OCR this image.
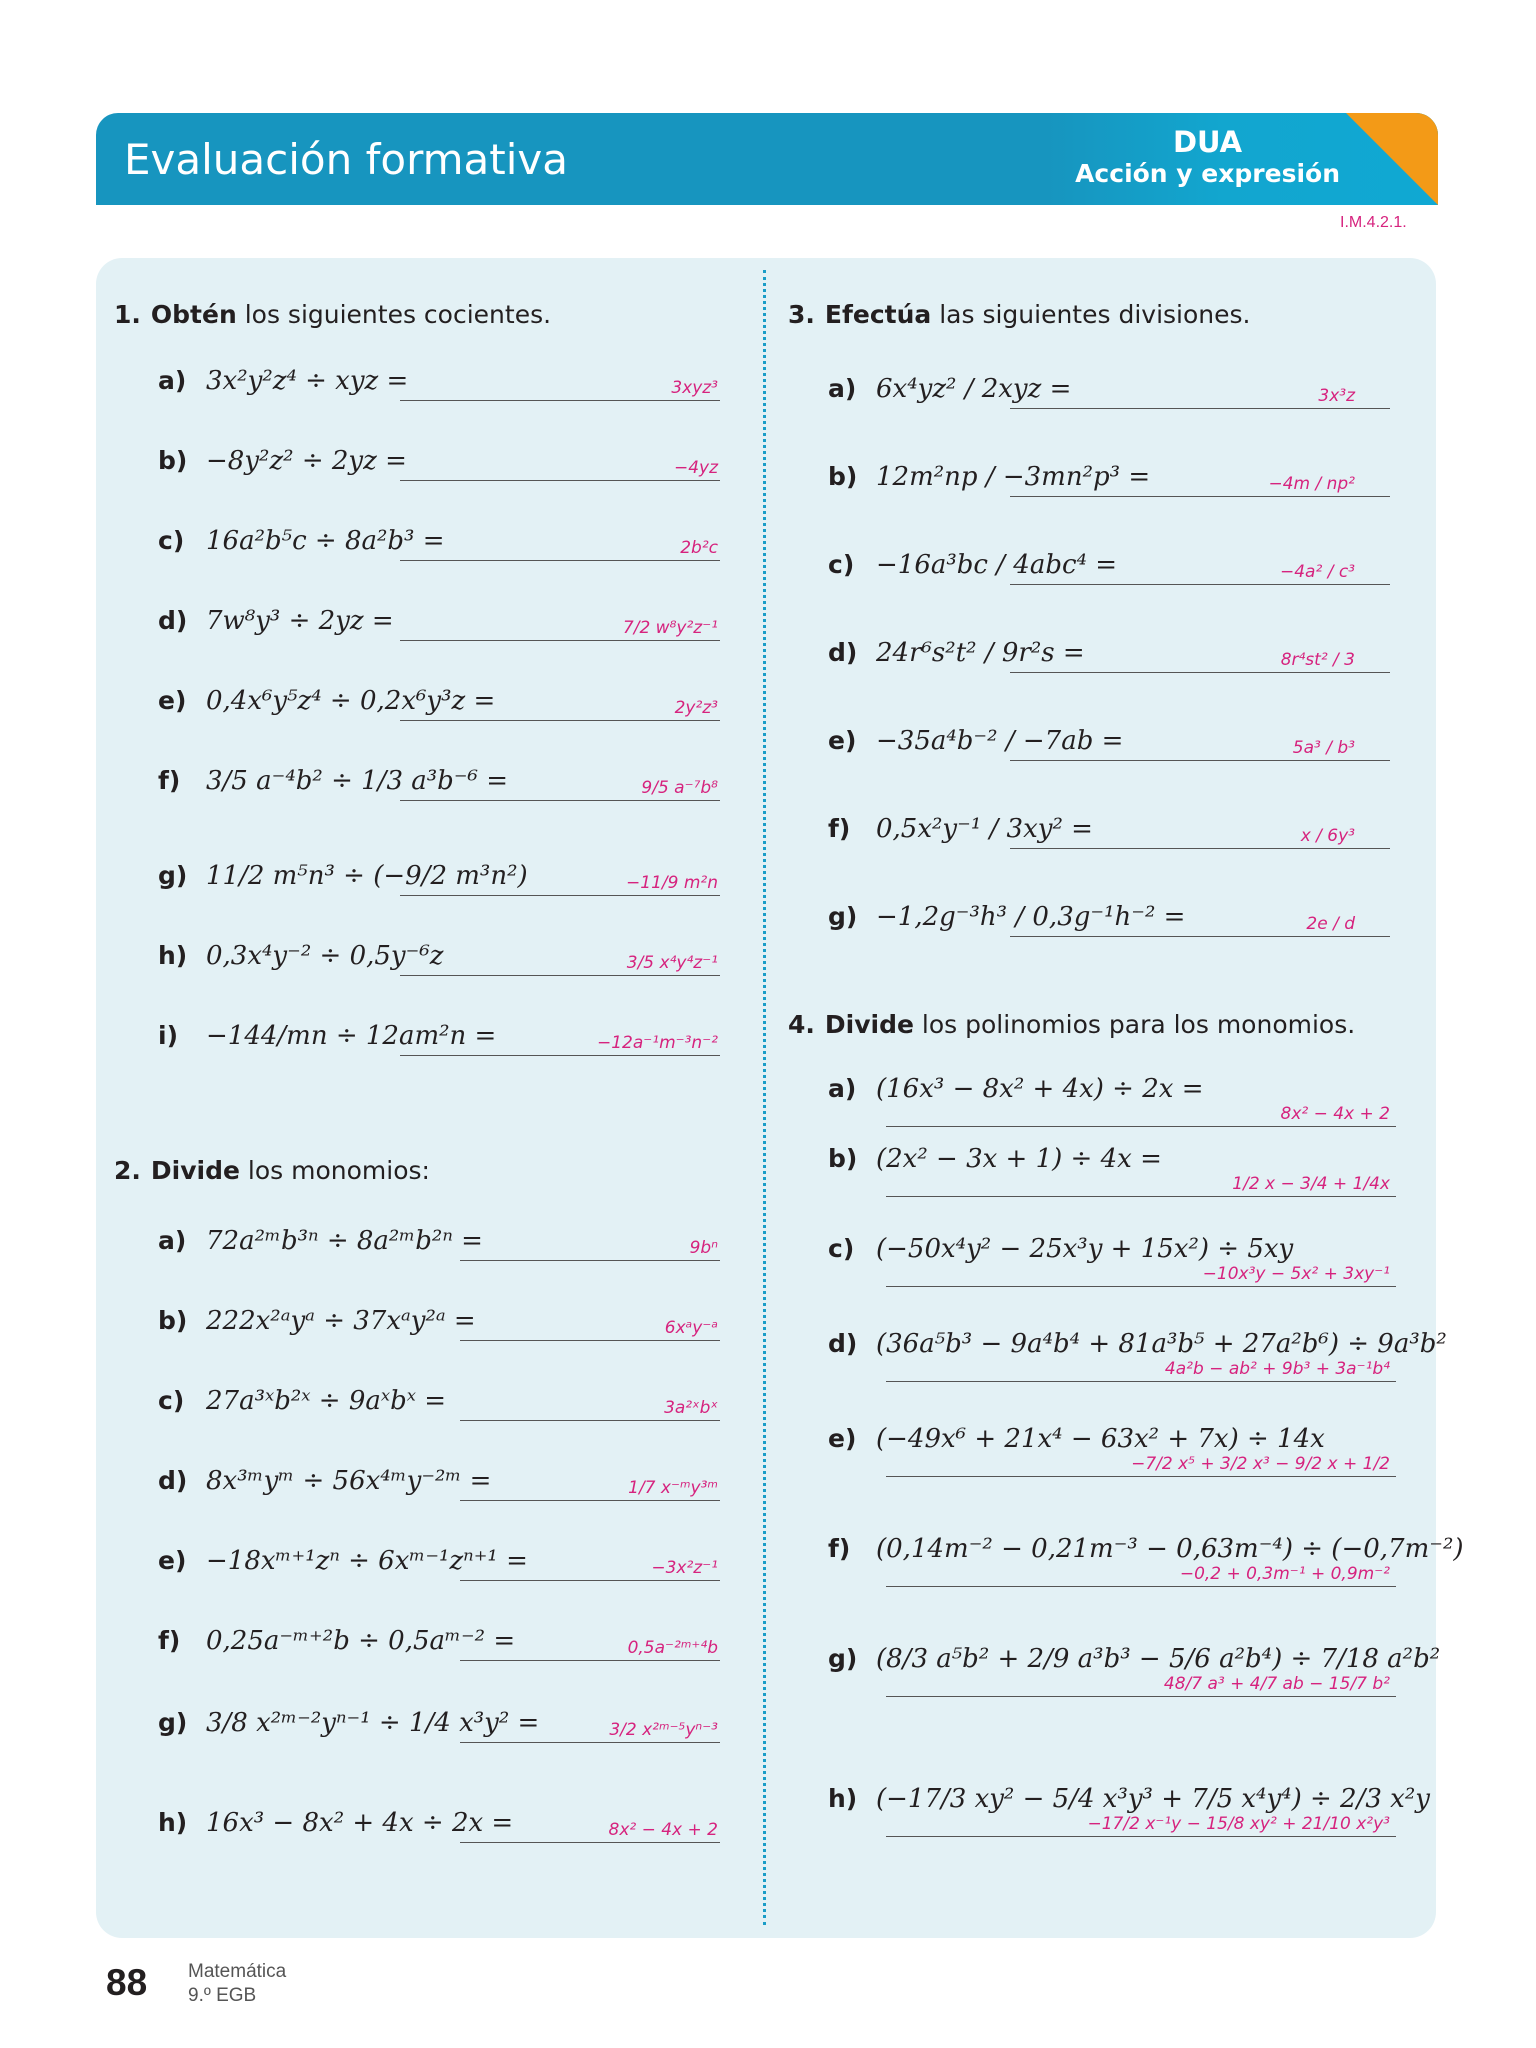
Evaluación formativa	DUA
Acción y expresión
I.M.4.2.1.
1. Obtén los siguientes cocientes.
2. Divide los monomios:
3. Efectúa las siguientes divisiones.
4. Divide los polinomios para los monomios.
a) 3x²y²z⁴ ÷ xyz =	3xyz³
b) −8y²z² ÷ 2yz =	−4yz
c) 16a²b⁵c ÷ 8a²b³ =	2b²c
d) 7w⁸y³ ÷ 2yz =	7/2 w⁸y²z⁻¹
e) 0,4x⁶y⁵z⁴ ÷ 0,2x⁶y³z =	2y²z³
f) 3/5 a⁻⁴b² ÷ 1/3 a³b⁻⁶ =	9/5 a⁻⁷b⁸
g) 11/2 m⁵n³ ÷ (−9/2 m³n²)	−11/9 m²n
h) 0,3x⁴y⁻² ÷ 0,5y⁻⁶z	3/5 x⁴y⁴z⁻¹
i) −144/mn ÷ 12am²n =	−12a⁻¹m⁻³n⁻²
a) 72a²ᵐb³ⁿ ÷ 8a²ᵐb²ⁿ =	9bⁿ
b) 222x²ᵃyᵃ ÷ 37xᵃy²ᵃ =	6xᵃy⁻ᵃ
c) 27a³ˣb²ˣ ÷ 9aˣbˣ =	3a²ˣbˣ
d) 8x³ᵐyᵐ ÷ 56x⁴ᵐy⁻²ᵐ =	1/7 x⁻ᵐy³ᵐ
e) −18xᵐ⁺¹zⁿ ÷ 6xᵐ⁻¹zⁿ⁺¹ =	−3x²z⁻¹
f) 0,25a⁻ᵐ⁺²b ÷ 0,5aᵐ⁻² =	0,5a⁻²ᵐ⁺⁴b
g) 3/8 x²ᵐ⁻²yⁿ⁻¹ ÷ 1/4 x³y² =	3/2 x²ᵐ⁻⁵yⁿ⁻³
h) 16x³ − 8x² + 4x ÷ 2x =	8x² − 4x + 2
a) 6x⁴yz² / 2xyz =	3x³z
b) 12m²np / −3mn²p³ =	−4m / np²
c) −16a³bc / 4abc⁴ =	−4a² / c³
d) 24r⁶s²t² / 9r²s =	8r⁴st² / 3
e) −35a⁴b⁻² / −7ab =	5a³ / b³
f) 0,5x²y⁻¹ / 3xy² =	x / 6y³
g) −1,2g⁻³h³ / 0,3g⁻¹h⁻² =	2e / d
a) (16x³ − 8x² + 4x) ÷ 2x =
8x² − 4x + 2
b) (2x² − 3x + 1) ÷ 4x =
1/2 x − 3/4 + 1/4x
c) (−50x⁴y² − 25x³y + 15x²) ÷ 5xy
−10x³y − 5x² + 3xy⁻¹
d) (36a⁵b³ − 9a⁴b⁴ + 81a³b⁵ + 27a²b⁶) ÷ 9a³b²
4a²b − ab² + 9b³ + 3a⁻¹b⁴
e) (−49x⁶ + 21x⁴ − 63x² + 7x) ÷ 14x
−7/2 x⁵ + 3/2 x³ − 9/2 x + 1/2
f) (0,14m⁻² − 0,21m⁻³ − 0,63m⁻⁴) ÷ (−0,7m⁻²)
−0,2 + 0,3m⁻¹ + 0,9m⁻²
g) (8/3 a⁵b² + 2/9 a³b³ − 5/6 a²b⁴) ÷ 7/18 a²b²
48/7 a³ + 4/7 ab − 15/7 b²
h) (−17/3 xy² − 5/4 x³y³ + 7/5 x⁴y⁴) ÷ 2/3 x²y
−17/2 x⁻¹y − 15/8 xy² + 21/10 x²y³
88 Matemática
9.º EGB
